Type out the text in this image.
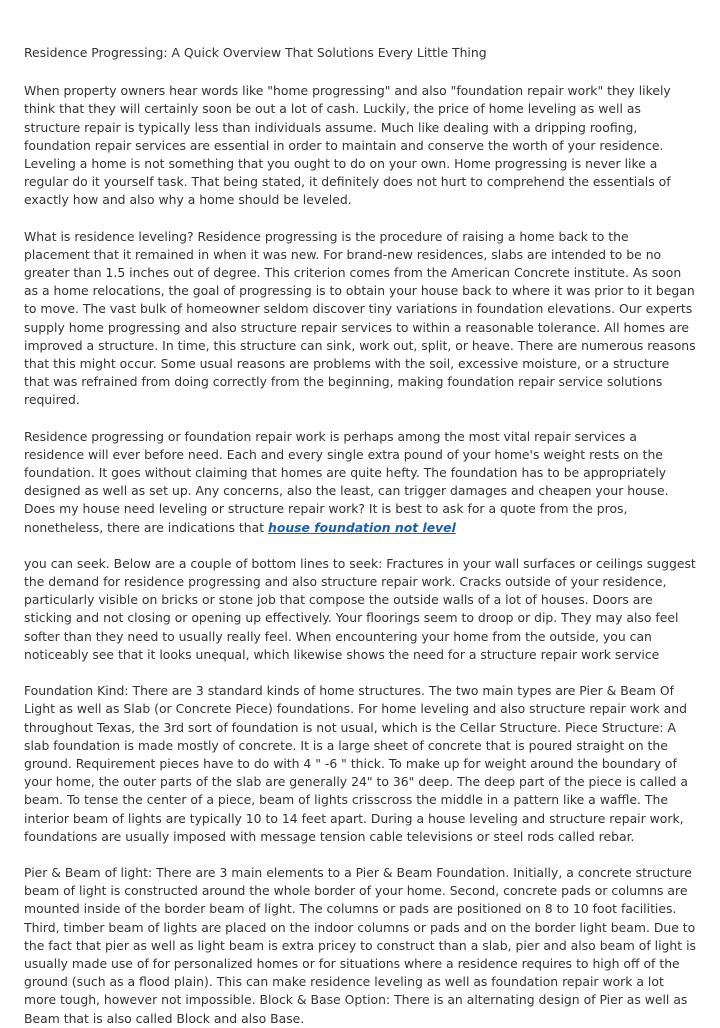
Residence Progressing: A Quick Overview That Solutions Every Little Thing

When property owners hear words like "home progressing" and also "foundation repair work" they likely think that they will certainly soon be out a lot of cash. Luckily, the price of home leveling as well as structure repair is typically less than individuals assume. Much like dealing with a dripping roofing, foundation repair services are essential in order to maintain and conserve the worth of your residence. Leveling a home is not something that you ought to do on your own. Home progressing is never like a regular do it yourself task. That being stated, it definitely does not hurt to comprehend the essentials of exactly how and also why a home should be leveled.

What is residence leveling? Residence progressing is the procedure of raising a home back to the placement that it remained in when it was new. For brand-new residences, slabs are intended to be no greater than 1.5 inches out of degree. This criterion comes from the American Concrete institute. As soon as a home relocations, the goal of progressing is to obtain your house back to where it was prior to it began to move. The vast bulk of homeowner seldom discover tiny variations in foundation elevations. Our experts supply home progressing and also structure repair services to within a reasonable tolerance. All homes are improved a structure. In time, this structure can sink, work out, split, or heave. There are numerous reasons that this might occur. Some usual reasons are problems with the soil, excessive moisture, or a structure that was refrained from doing correctly from the beginning, making foundation repair service solutions required.

Residence progressing or foundation repair work is perhaps among the most vital repair services a residence will ever before need. Each and every single extra pound of your home's weight rests on the foundation. It goes without claiming that homes are quite hefty. The foundation has to be appropriately designed as well as set up. Any concerns, also the least, can trigger damages and cheapen your house. Does my house need leveling or structure repair work? It is best to ask for a quote from the pros, nonetheless, there are indications that house foundation not level

you can seek. Below are a couple of bottom lines to seek: Fractures in your wall surfaces or ceilings suggest the demand for residence progressing and also structure repair work. Cracks outside of your residence, particularly visible on bricks or stone job that compose the outside walls of a lot of houses. Doors are sticking and not closing or opening up effectively. Your floorings seem to droop or dip. They may also feel softer than they need to usually really feel. When encountering your home from the outside, you can noticeably see that it looks unequal, which likewise shows the need for a structure repair work service

Foundation Kind: There are 3 standard kinds of home structures. The two main types are Pier & Beam Of Light as well as Slab (or Concrete Piece) foundations. For home leveling and also structure repair work and throughout Texas, the 3rd sort of foundation is not usual, which is the Cellar Structure. Piece Structure: A slab foundation is made mostly of concrete. It is a large sheet of concrete that is poured straight on the ground. Requirement pieces have to do with 4 " -6 " thick. To make up for weight around the boundary of your home, the outer parts of the slab are generally 24" to 36" deep. The deep part of the piece is called a beam. To tense the center of a piece, beam of lights crisscross the middle in a pattern like a waffle. The interior beam of lights are typically 10 to 14 feet apart. During a house leveling and structure repair work, foundations are usually imposed with message tension cable televisions or steel rods called rebar.

Pier & Beam of light: There are 3 main elements to a Pier & Beam Foundation. Initially, a concrete structure beam of light is constructed around the whole border of your home. Second, concrete pads or columns are mounted inside of the border beam of light. The columns or pads are positioned on 8 to 10 foot facilities. Third, timber beam of lights are placed on the indoor columns or pads and on the border light beam. Due to the fact that pier as well as light beam is extra pricey to construct than a slab, pier and also beam of light is usually made use of for personalized homes or for situations where a residence requires to high off of the ground (such as a flood plain). This can make residence leveling as well as foundation repair work a lot more tough, however not impossible. Block & Base Option: There is an alternating design of Pier as well as Beam that is also called Block and also Base.
